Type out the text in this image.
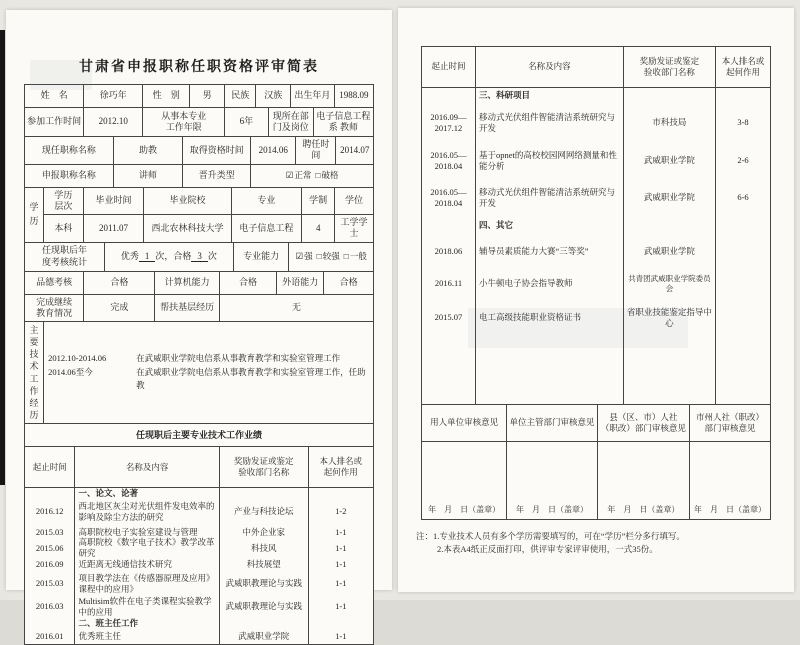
甘肃省申报职称任职资格评审简表
姓　名	徐巧年	性　别	男	民族	汉族	出生年月 1988.09
参加工作时间	2012.10
从事本专业
工作年限
6年
现所在部
门及岗位
电子信息工程系 教师
现任职称名称	助教	取得资格时间	2014.06
聘任时间
2014.07
申报职称名称	讲师	晋升类型	☑正常 □破格
学历
学历
层次
毕业时间	毕业院校	专业	学制	学位
本科	2011.07	西北农林科技大学	电子信息工程	4
工学学士
任现职后年
度考核统计
优秀 1 次，合格 3 次	专业能力	☑强 □较强 □一般
品德考核	合格	计算机能力	合格	外语能力	合格
完成继续
教育情况
完成	帮扶基层经历	无
主要技术工作经历
2012.10-2014.06	在武威职业学院电信系从事教育教学和实验室管理工作
2014.06至今	在武威职业学院电信系从事教育教学和实验室管理工作，任助教
任现职后主要专业技术工作业绩
起止时间	名称及内容
奖励发证或鉴定
验收部门名称
本人排名或
起何作用
一、论文、论著
2016.12
西北地区灰尘对光伏组件发电效率的影响及除尘方法的研究
产业与科技论坛	1-2
2015.03	高职院校电子实验室建设与管理	中外企业家	1-1
2015.06
高职院校《数字电子技术》教学改革研究
科技风	1-1
2016.09	近距离无线通信技术研究	科技展望	1-1
2015.03
项目教学法在《传感器原理及应用》课程中的应用》
武威职教理论与实践	1-1
2016.03
Multisim软件在电子类课程实验教学中的应用
武威职教理论与实践	1-1
二、班主任工作
2016.01	优秀班主任	武威职业学院	1-1
起止时间	名称及内容
奖励发证或鉴定
验收部门名称
本人排名或
起何作用
三、科研项目
2016.09—
2017.12
移动式光伏组件智能清洁系统研究与开发
市科技局	3-8
2016.05—
2018.04
基于opnet的高校校园网网络测量和性能分析
武威职业学院	2-6
2016.05—
2018.04
移动式光伏组件智能清洁系统研究与开发
武威职业学院	6-6
四、其它
2018.06	辅导员素质能力大赛“三等奖”	武威职业学院
2016.11	小牛顿电子协会指导教师	共青团武威职业学院委员会
2015.07	电工高级技能职业资格证书
省职业技能鉴定指导中心
用人单位审核意见
年　月　日（盖章）
单位主管部门审核意见
年　月　日（盖章）
县（区、市）人社
（职改）部门审核意见
年　月　日（盖章）
市州人社（职改）
部门审核意见
年　月　日（盖章）
注：1.专业技术人员有多个学历需要填写的，可在“学历”栏分多行填写。
2.本表A4纸正反面打印，供评审专家评审使用，一式35份。
